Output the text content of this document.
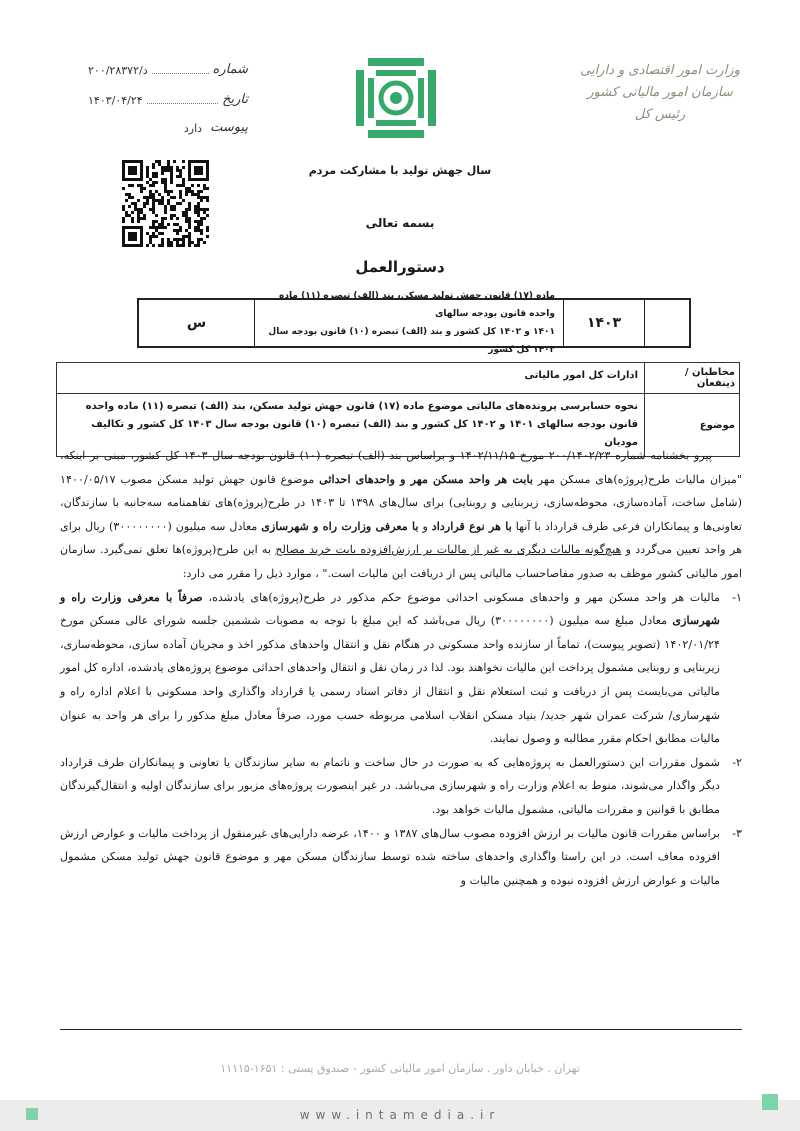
وزارت امور اقتصادی و دارایی
سازمان امور مالیاتی کشور
رئیس کل
شماره
۲۰۰/۲۸۳۷۲/د
تاریخ
۱۴۰۳/۰۴/۲۴
پیوست
دارد
سال جهش تولید با مشارکت مردم
بسمه تعالی
دستورالعمل
۱۴۰۳
ماده (۱۷) قانون جهش تولید مسکن، بند (الف) تبصره (۱۱) ماده واحده قانون بودجه سالهای
۱۴۰۱ و ۱۴۰۲ کل کشور و بند (الف) تبصره (۱۰) قانون بودجه سال ۱۴۰۳ کل کشور
س
مخاطبان / ذینفعان
ادارات کل امور مالیاتی
موضوع
نحوه حسابرسی پرونده‌های مالیاتی موضوع ماده (۱۷) قانون جهش تولید مسکن، بند (الف) تبصره (۱۱) ماده واحده قانون بودجه سالهای ۱۴۰۱ و ۱۴۰۲ کل کشور و بند (الف) تبصره (۱۰) قانون بودجه سال ۱۴۰۳ کل کشور و تکالیف مودیان

پیرو بخشنامه شماره ۲۰۰/۱۴۰۲/۲۳ مورخ ۱۴۰۲/۱۱/۱۵ و براساس بند (الف) تبصره (۱۰) قانون بودجه سال ۱۴۰۳ کل کشور، مبنی بر اینکه، "میزان مالیات طرح(پروژه)های مسکن مهر بابت هر واحد مسکن مهر و واحدهای احداثی موضوع قانون جهش تولید مسکن مصوب ۱۴۰۰/۰۵/۱۷ (شامل ساخت، آماده‌سازی، محوطه‌سازی، زیربنایی و روبنایی) برای سال‌های ۱۳۹۸ تا ۱۴۰۳ در طرح(پروژه)های تفاهمنامه سه‌جانبه با سازندگان، تعاونی‌ها و پیمانکاران فرعی طرف قرارداد با آنها با هر نوع قرارداد و با معرفی وزارت راه و شهرسازی معادل سه میلیون (۳۰۰۰۰۰۰۰۰) ریال برای هر واحد تعیین می‌گردد و هیچ‌گونه مالیات دیگری به غیر از مالیات بر ارزش‌افزوده بابت خرید مصالح به این طرح(پروژه)ها تعلق نمی‌گیرد. سازمان امور مالیاتی کشور موظف به صدور مفاصاحساب مالیاتی پس از دریافت این مالیات است." ، موارد ذیل را مقرر می دارد:

۱-
مالیات هر واحد مسکن مهر و واحدهای مسکونی احداثی موضوع حکم مذکور در طرح(پروژه)های یادشده، صرفاً با معرفی وزارت راه و شهرسازی معادل مبلغ سه میلیون (۳۰۰۰۰۰۰۰۰) ریال می‌باشد که این مبلغ با توجه به مصوبات ششمین جلسه شورای عالی مسکن مورخ ۱۴۰۲/۰۱/۲۴ (تصویر پیوست)، تماماً از سازنده واحد مسکونی در هنگام نقل و انتقال واحدهای مذکور اخذ و مجریان آماده سازی، محوطه‌سازی، زیربنایی و روبنایی مشمول پرداخت این مالیات نخواهند بود. لذا در زمان نقل و انتقال واحدهای احداثی موضوع پروژه‌های یادشده، اداره کل امور مالیاتی می‌بایست پس از دریافت و ثبت استعلام نقل و انتقال از دفاتر اسناد رسمی یا قرارداد واگذاری واحد مسکونی با اعلام اداره راه و شهرسازی/ شرکت عمران شهر جدید/ بنیاد مسکن انقلاب اسلامی مربوطه حسب مورد، صرفاً معادل مبلغ مذکور را برای هر واحد به عنوان مالیات مطابق احکام مقرر مطالبه و وصول نمایند.

۲-
شمول مقررات این دستورالعمل به پروژه‌هایی که به صورت در حال ساخت و ناتمام به سایر سازندگان یا تعاونی و پیمانکاران طرف قرارداد دیگر واگذار می‌شوند، منوط به اعلام وزارت راه و شهرسازی می‌باشد. در غیر اینصورت پروژه‌های مزبور برای سازندگان اولیه و انتقال‌گیرندگان مطابق با قوانین و مقررات مالیاتی، مشمول مالیات خواهد بود.

۳-
براساس مقررات قانون مالیات بر ارزش افزوده مصوب سال‌های ۱۳۸۷ و ۱۴۰۰، عرضه دارایی‌های غیرمنقول از پرداخت مالیات و عوارض ارزش افزوده معاف است. در این راستا واگذاری واحدهای ساخته شده توسط سازندگان مسکن مهر و موضوع قانون جهش تولید مسکن مشمول مالیات و عوارض ارزش افزوده نبوده و همچنین مالیات و

تهران . خیابان داور . سازمان امور مالیاتی کشور - صندوق پستی : ۱۶۵۱-۱۱۱۱۵
www.intamedia.ir
